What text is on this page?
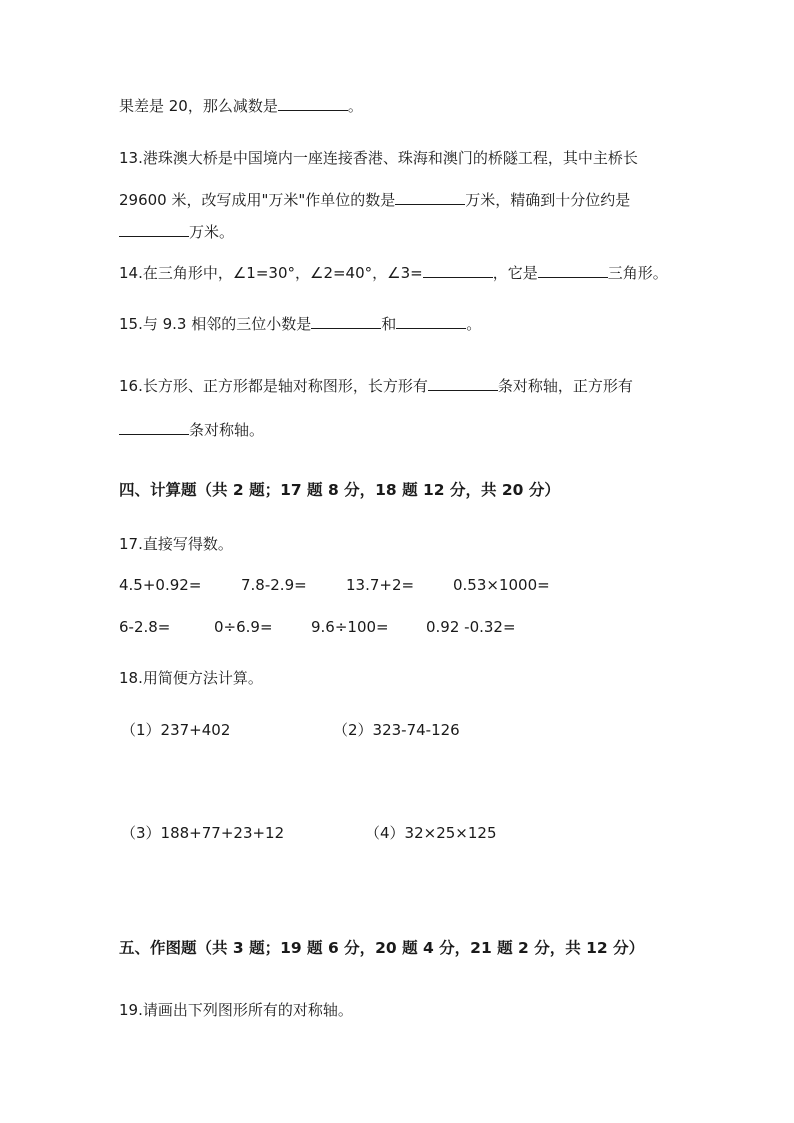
果差是 20，那么减数是	。
13.港珠澳大桥是中国境内一座连接香港、珠海和澳门的桥隧工程，其中主桥长
29600 米，改写成用"万米"作单位的数是	万米，精确到十分位约是
万米。
14.在三角形中，∠1=30°，∠2=40°，∠3=	，它是	三角形。
15.与 9.3 相邻的三位小数是	和	。
16.长方形、正方形都是轴对称图形，长方形有	条对称轴，正方形有
条对称轴。
四、计算题（共 2 题；17 题 8 分，18 题 12 分，共 20 分）
17.直接写得数。
4.5+0.92=	7.8-2.9=	13.7+2=	0.53×1000=
6-2.8=	0÷6.9=	9.6÷100= 0.92 -0.32=
18.用简便方法计算。
（1）237+402	（2）323-74-126
（3）188+77+23+12	（4）32×25×125
五、作图题（共 3 题；19 题 6 分，20 题 4 分，21 题 2 分，共 12 分）
19.请画出下列图形所有的对称轴。
